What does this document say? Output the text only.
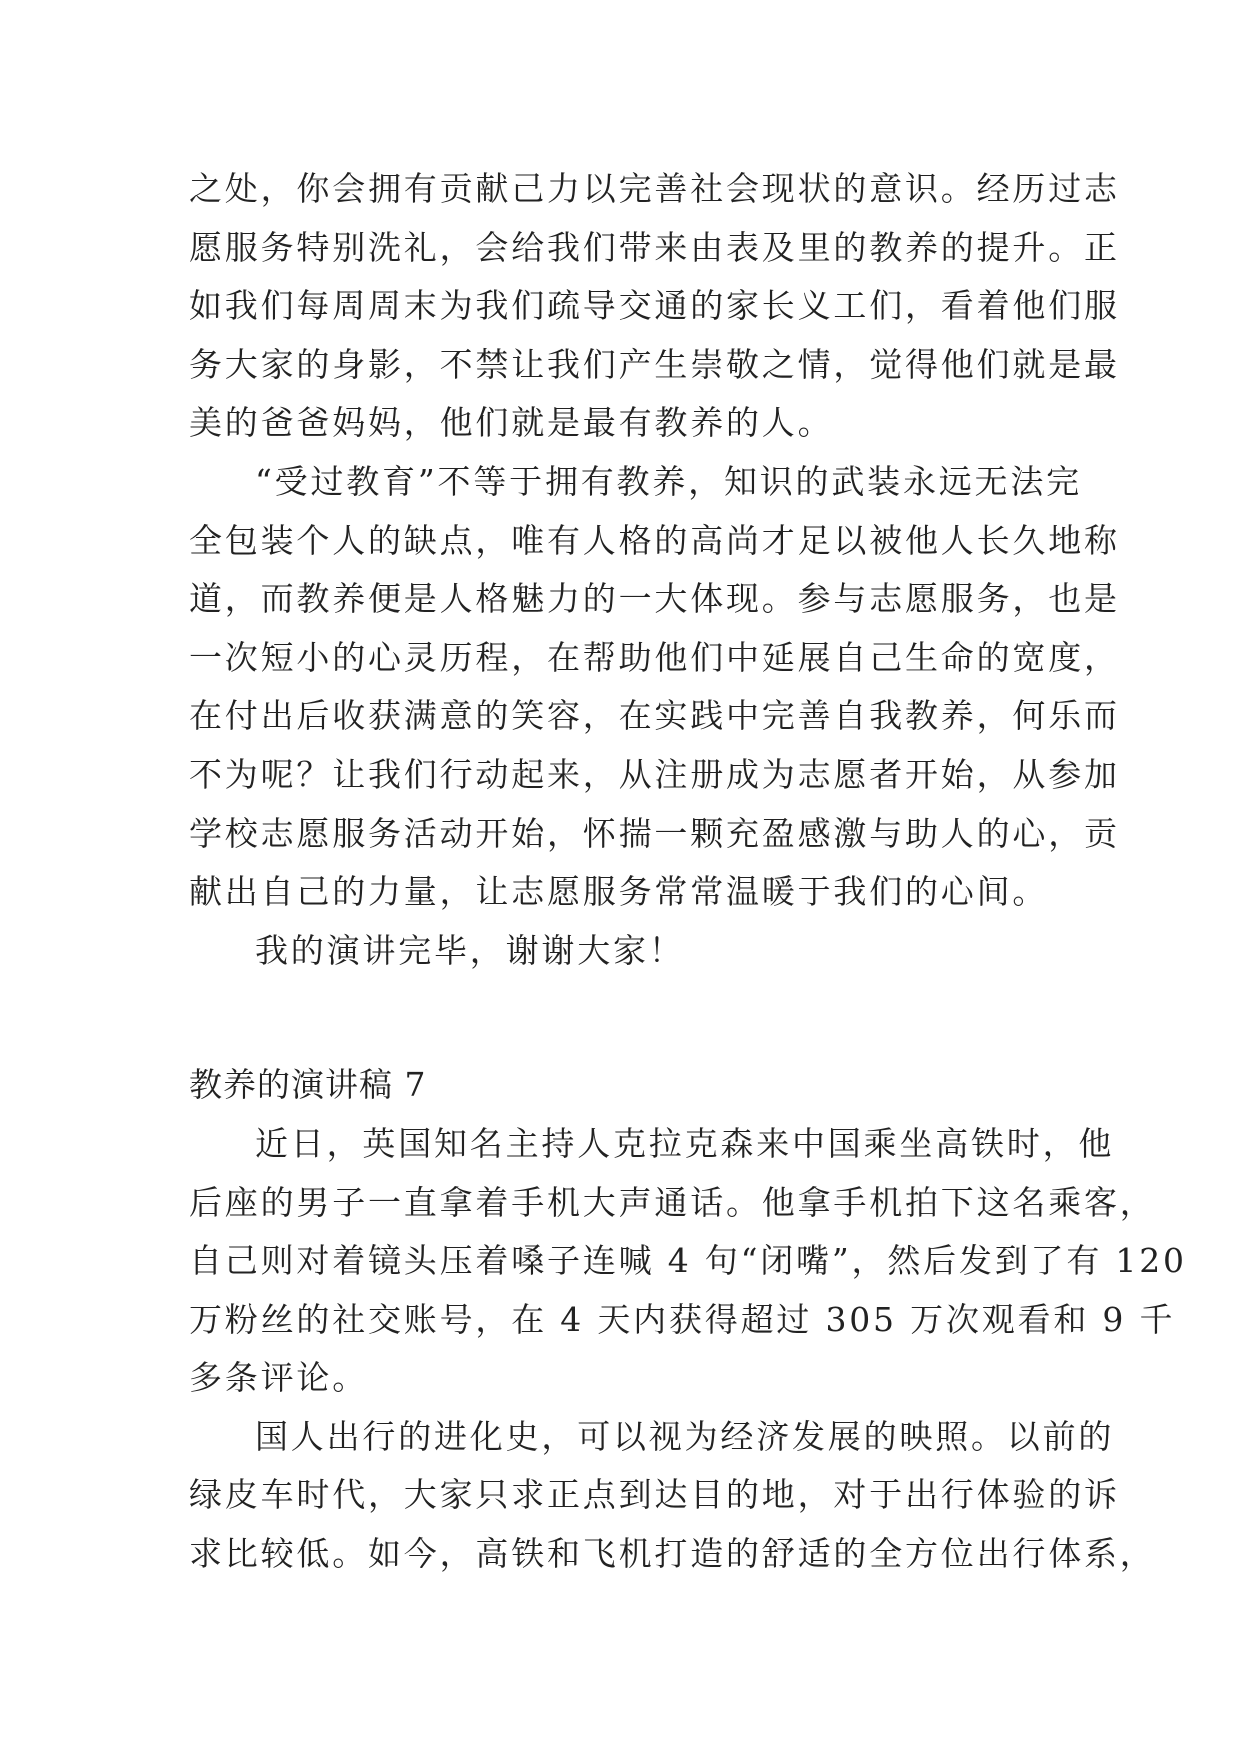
之处，你会拥有贡献己力以完善社会现状的意识。经历过志
愿服务特别洗礼，会给我们带来由表及里的教养的提升。正
如我们每周周末为我们疏导交通的家长义工们，看着他们服
务大家的身影，不禁让我们产生崇敬之情，觉得他们就是最
美的爸爸妈妈，他们就是最有教养的人。
“受过教育”不等于拥有教养，知识的武装永远无法完
全包装个人的缺点，唯有人格的高尚才足以被他人长久地称
道，而教养便是人格魅力的一大体现。参与志愿服务，也是
一次短小的心灵历程，在帮助他们中延展自己生命的宽度，
在付出后收获满意的笑容，在实践中完善自我教养，何乐而
不为呢？让我们行动起来，从注册成为志愿者开始，从参加
学校志愿服务活动开始，怀揣一颗充盈感激与助人的心，贡
献出自己的力量，让志愿服务常常温暖于我们的心间。
我的演讲完毕，谢谢大家！
教养的演讲稿 7
近日，英国知名主持人克拉克森来中国乘坐高铁时，他
后座的男子一直拿着手机大声通话。他拿手机拍下这名乘客，
自己则对着镜头压着嗓子连喊 4 句“闭嘴”，然后发到了有 120
万粉丝的社交账号，在 4 天内获得超过 305 万次观看和 9 千
多条评论。
国人出行的进化史，可以视为经济发展的映照。以前的
绿皮车时代，大家只求正点到达目的地，对于出行体验的诉
求比较低。如今，高铁和飞机打造的舒适的全方位出行体系，
